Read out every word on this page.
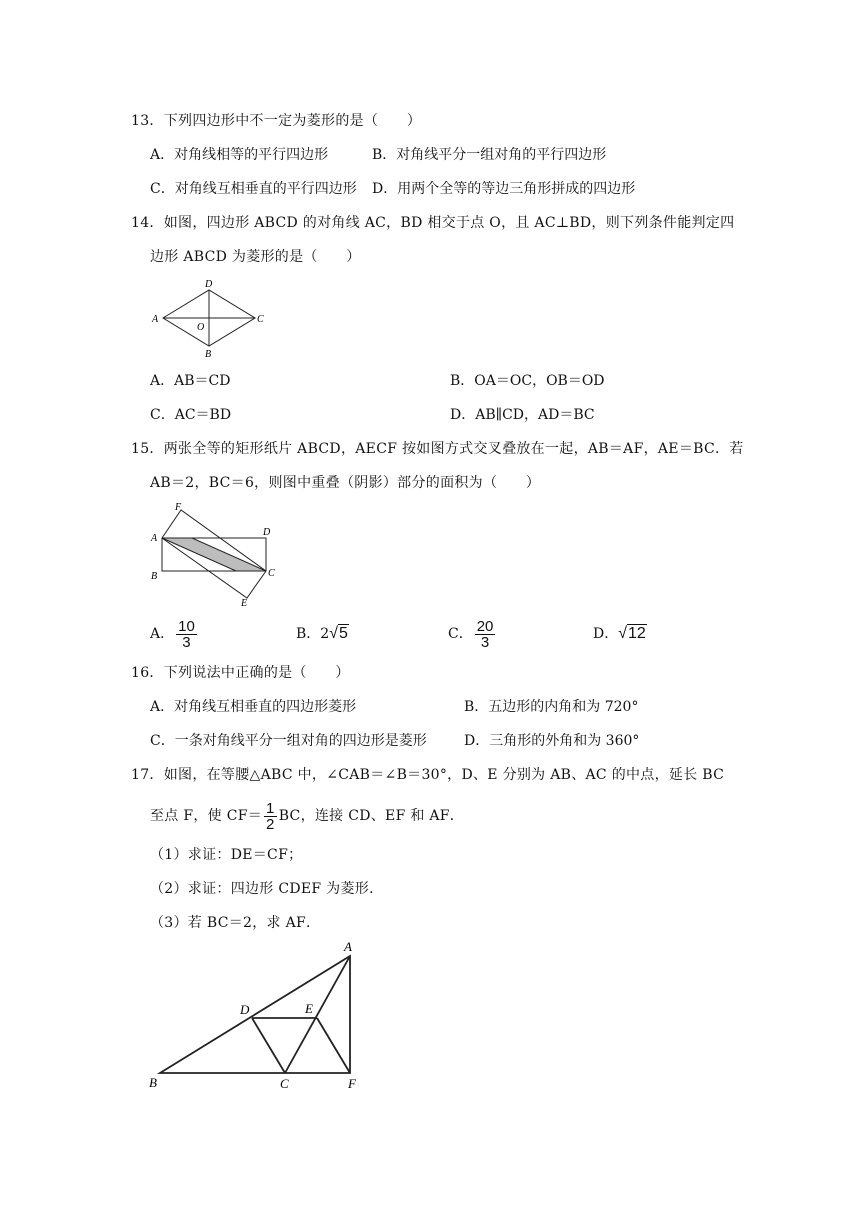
13．下列四边形中不一定为菱形的是（　　）
A．对角线相等的平行四边形	B．对角线平分一组对角的平行四边形
C．对角线互相垂直的平行四边形 D．用两个全等的等边三角形拼成的四边形
14．如图，四边形 ABCD 的对角线 AC，BD 相交于点 O，且 AC⊥BD，则下列条件能判定四
边形 ABCD 为菱形的是（　　）
A
B
C
D
O
A．AB＝CD	B．OA＝OC，OB＝OD
C．AC＝BD	D．AB∥CD，AD＝BC
15．两张全等的矩形纸片 ABCD，AECF 按如图方式交叉叠放在一起，AB＝AF，AE＝BC．若
AB＝2，BC＝6，则图中重叠（阴影）部分的面积为（　　）
F
A
D
B	C
E
A． $\frac{10}{3}$	B．2√5	C． $\frac{20}{3}$	D．√12
16．下列说法中正确的是（　　）
A．对角线互相垂直的四边形菱形	B．五边形的内角和为 720°
C．一条对角线平分一组对角的四边形是菱形	D．三角形的外角和为 360°
17．如图，在等腰△ABC 中，∠CAB＝∠B＝30°，D、E 分别为 AB、AC 的中点，延长 BC
至点 F，使 $CF= \frac{1}{2}$ BC，连接 CD、EF 和 AF．
（1）求证：DE＝CF；
（2）求证：四边形 CDEF 为菱形．
（3）若 BC＝2，求 AF．
A
D	E
B	C	F
